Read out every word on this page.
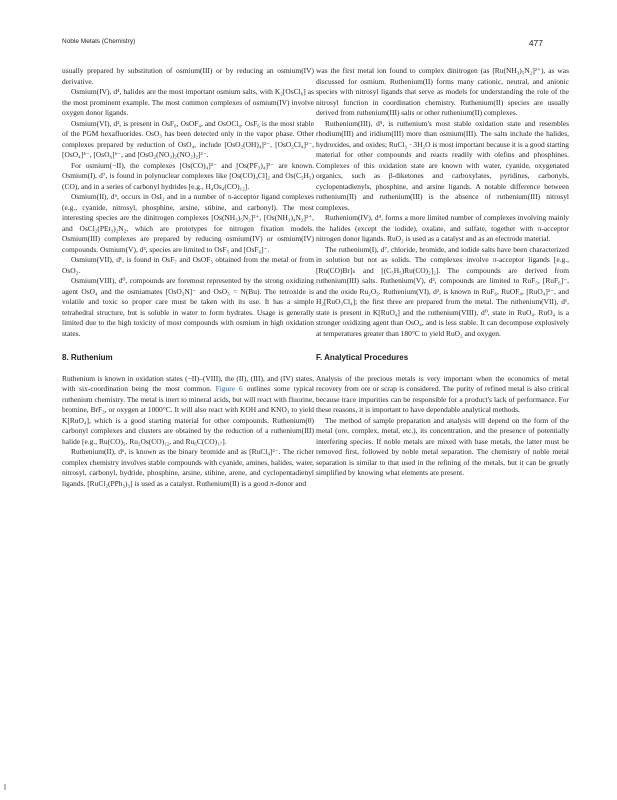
Noble Metals (Chemistry)	477

usually prepared by substitution of osmium(III) or by reducing an osmium(IV) derivative.

Osmium(IV), d⁴, halides are the most important osmium salts, with K₂[OsCl₆] as the most prominent example. The most common complexes of osmium(IV) involve oxygen donor ligands.

Osmium(VI), d², is present in OsF₆, OsOF₄, and OsOCl₄. OsF₆ is the most stable of the PGM hexafluorides. OsO₃ has been detected only in the vapor phase. Other complexes prepared by reduction of OsO₄, include [OsO₂(OH)₄]²⁻, [OsO₂Cl₄]²⁻, [OsO₄]⁴⁻, [OsO₆]⁶⁻, and [OsO₂(NO₃)₂(NO₂)₂]²⁻.

For osmium(−II), the complexes [Os(CO)₄]²⁻ and [Os(PF₃)₄]²⁻ are known. Osmium(I), d⁷, is found in polynuclear complexes like [Os(CO)₄Cl]₂ and Os(C₅H₅)(CO), and in a series of carbonyl hydrides [e.g., H₄Os₄(CO)₁₂].

Osmium(II), d⁶, occurs in OsI₂ and in a number of π-acceptor ligand complexes (e.g., cyanide, nitrosyl, phosphine, arsine, stibine, and carbonyl). The most interesting species are the dinitrogen complexes [Os(NH₃)₅N₂]²⁺, [Os(NH₃)₄N₂]²⁺, and OsCl₂(PEt₃)₂N₂, which are prototypes for nitrogen fixation models. Osmium(III) complexes are prepared by reducing osmium(IV) or osmium(IV) compounds. Osmium(V), d³, species are limited to OsF₅ and [OsF₆]⁻.

Osmium(VII), d¹, is found in OsF₇ and OsOF₅ obtained from the metal or from OsO₂.

Osmium(VIII), d⁰, compounds are foremost represented by the strong oxidizing agent OsO₄ and the osmiamates [OsO₃N]⁻ and OsO₃ = N(Bu). The tetroxide is volatile and toxic so proper care must be taken with its use. It has a simple tetrahedral structure, but is soluble in water to form hydrates. Usage is generally limited due to the high toxicity of most compounds with osmium in high oxidation states.

8. Ruthenium

Ruthenium is known in oxidation states (−II)–(VIII), the (II), (III), and (IV) states, with six-coordination being the most common. Figure 6 outlines some typical ruthenium chemistry. The metal is inert to mineral acids, but will react with fluorine, bromine, BrF₃, or oxygen at 1000°C. It will also react with KOH and KNO₃ to yield K[RuO₄], which is a good starting material for other compounds. Ruthenium(0) carbonyl complexes and clusters are obtained by the reduction of a ruthenium(III) halide [e.g., Ru(CO)₅, Ru₂Os(CO)₁₂, and Ru₆C(CO)₁₇].

Ruthenium(II), d⁶, is known as the binary bromide and as [RuCl₄]²⁻. The richer complex chemistry involves stable compounds with cyanide, amines, halides, water, nitrosyl, carbonyl, hydride, phosphine, arsine, stibine, arene, and cyclopentadienyl ligands. [RuCl₂(PPh₃)₃] is used as a catalyst. Ruthenium(II) is a good π-donor and

was the first metal ion found to complex dinitrogen (as [Ru(NH₃)₅N₂]²⁺), as was discussed for osmium. Ruthenium(II) forms many cationic, neutral, and anionic species with nitrosyl ligands that serve as models for understanding the role of the nitrosyl function in coordination chemistry. Ruthenium(II) species are usually derived from ruthenium(III) salts or other ruthenium(II) complexes.

Ruthenium(III), d⁵, is ruthenium's most stable oxidation state and resembles rhodium(III) and iridium(III) more than osmium(III). The salts include the halides, hydroxides, and oxides; RuCl₃ · 3H₂O is most important because it is a good starting material for other compounds and reacts readily with olefins and phosphines. Complexes of this oxidation state are known with water, cyanide, oxygenated organics, such as β-diketones and carboxylates, pyridines, carbonyls, cyclopentadienyls, phosphine, and arsine ligands. A notable difference between ruthenium(II) and ruthenium(III) is the absence of ruthenium(III) nitrosyl complexes.

Ruthenium(IV), d⁴, forms a more limited number of complexes involving mainly the halides (except the iodide), oxalate, and sulfate, together with π-acceptor nitrogen donor ligands. RuO₂ is used as a catalyst and as an electrode material.

The ruthenium(I), d⁷, chloride, bromide, and iodide salts have been characterized in solution but not as solids. The complexes involve π-acceptor ligands [e.g., [Ru(CO)Br]ₙ and [(C₅H₅)Ru(CO)₂]₂]. The compounds are derived from ruthenium(III) salts. Ruthenium(V), d³, compounds are limited to RuF₅, [RuF₆]⁻, and the oxide Ru₂O₅. Ruthenium(VI), d², is known in RuF₆, RuOF₄, [RuO₄]²⁻, and H₂[RuO₃Cl₄]; the first three are prepared from the metal. The ruthenium(VII), d¹, state is present in K[RuO₄] and the ruthenium(VIII), d⁰, state in RuO₄. RuO₄ is a stronger oxidizing agent than OsO₄, and is less stable. It can decompose explosively at temperatures greater than 180°C to yield RuO₂ and oxygen.

F. Analytical Procedures

Analysis of the precious metals is very important when the economics of metal recovery from ore or scrap is considered. The purity of refined metal is also critical because trace impurities can be responsible for a product's lack of performance. For these reasons, it is important to have dependable analytical methods.

The method of sample preparation and analysis will depend on the form of the metal (ore, complex, metal, etc.), its concentration, and the presence of potentially interfering species. If noble metals are mixed with base metals, the latter must be removed first, followed by noble metal separation. The chemistry of noble metal separation is similar to that used in the refining of the metals, but it can be greatly simplified by knowing what elements are present.
